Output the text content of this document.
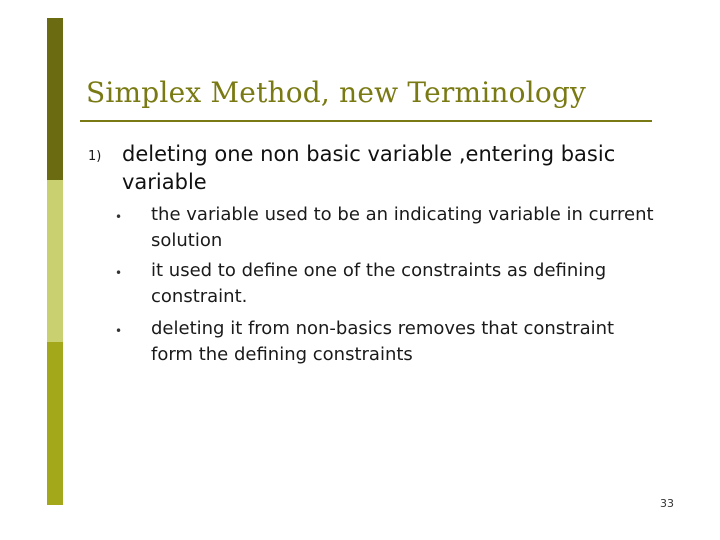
Simplex Method, new Terminology
1) deleting one non basic variable ,entering basic variable
• the variable used to be an indicating variable in current solution
• it used to define one of the constraints as defining constraint.
• deleting it from non-basics removes that constraint form the defining constraints
33
